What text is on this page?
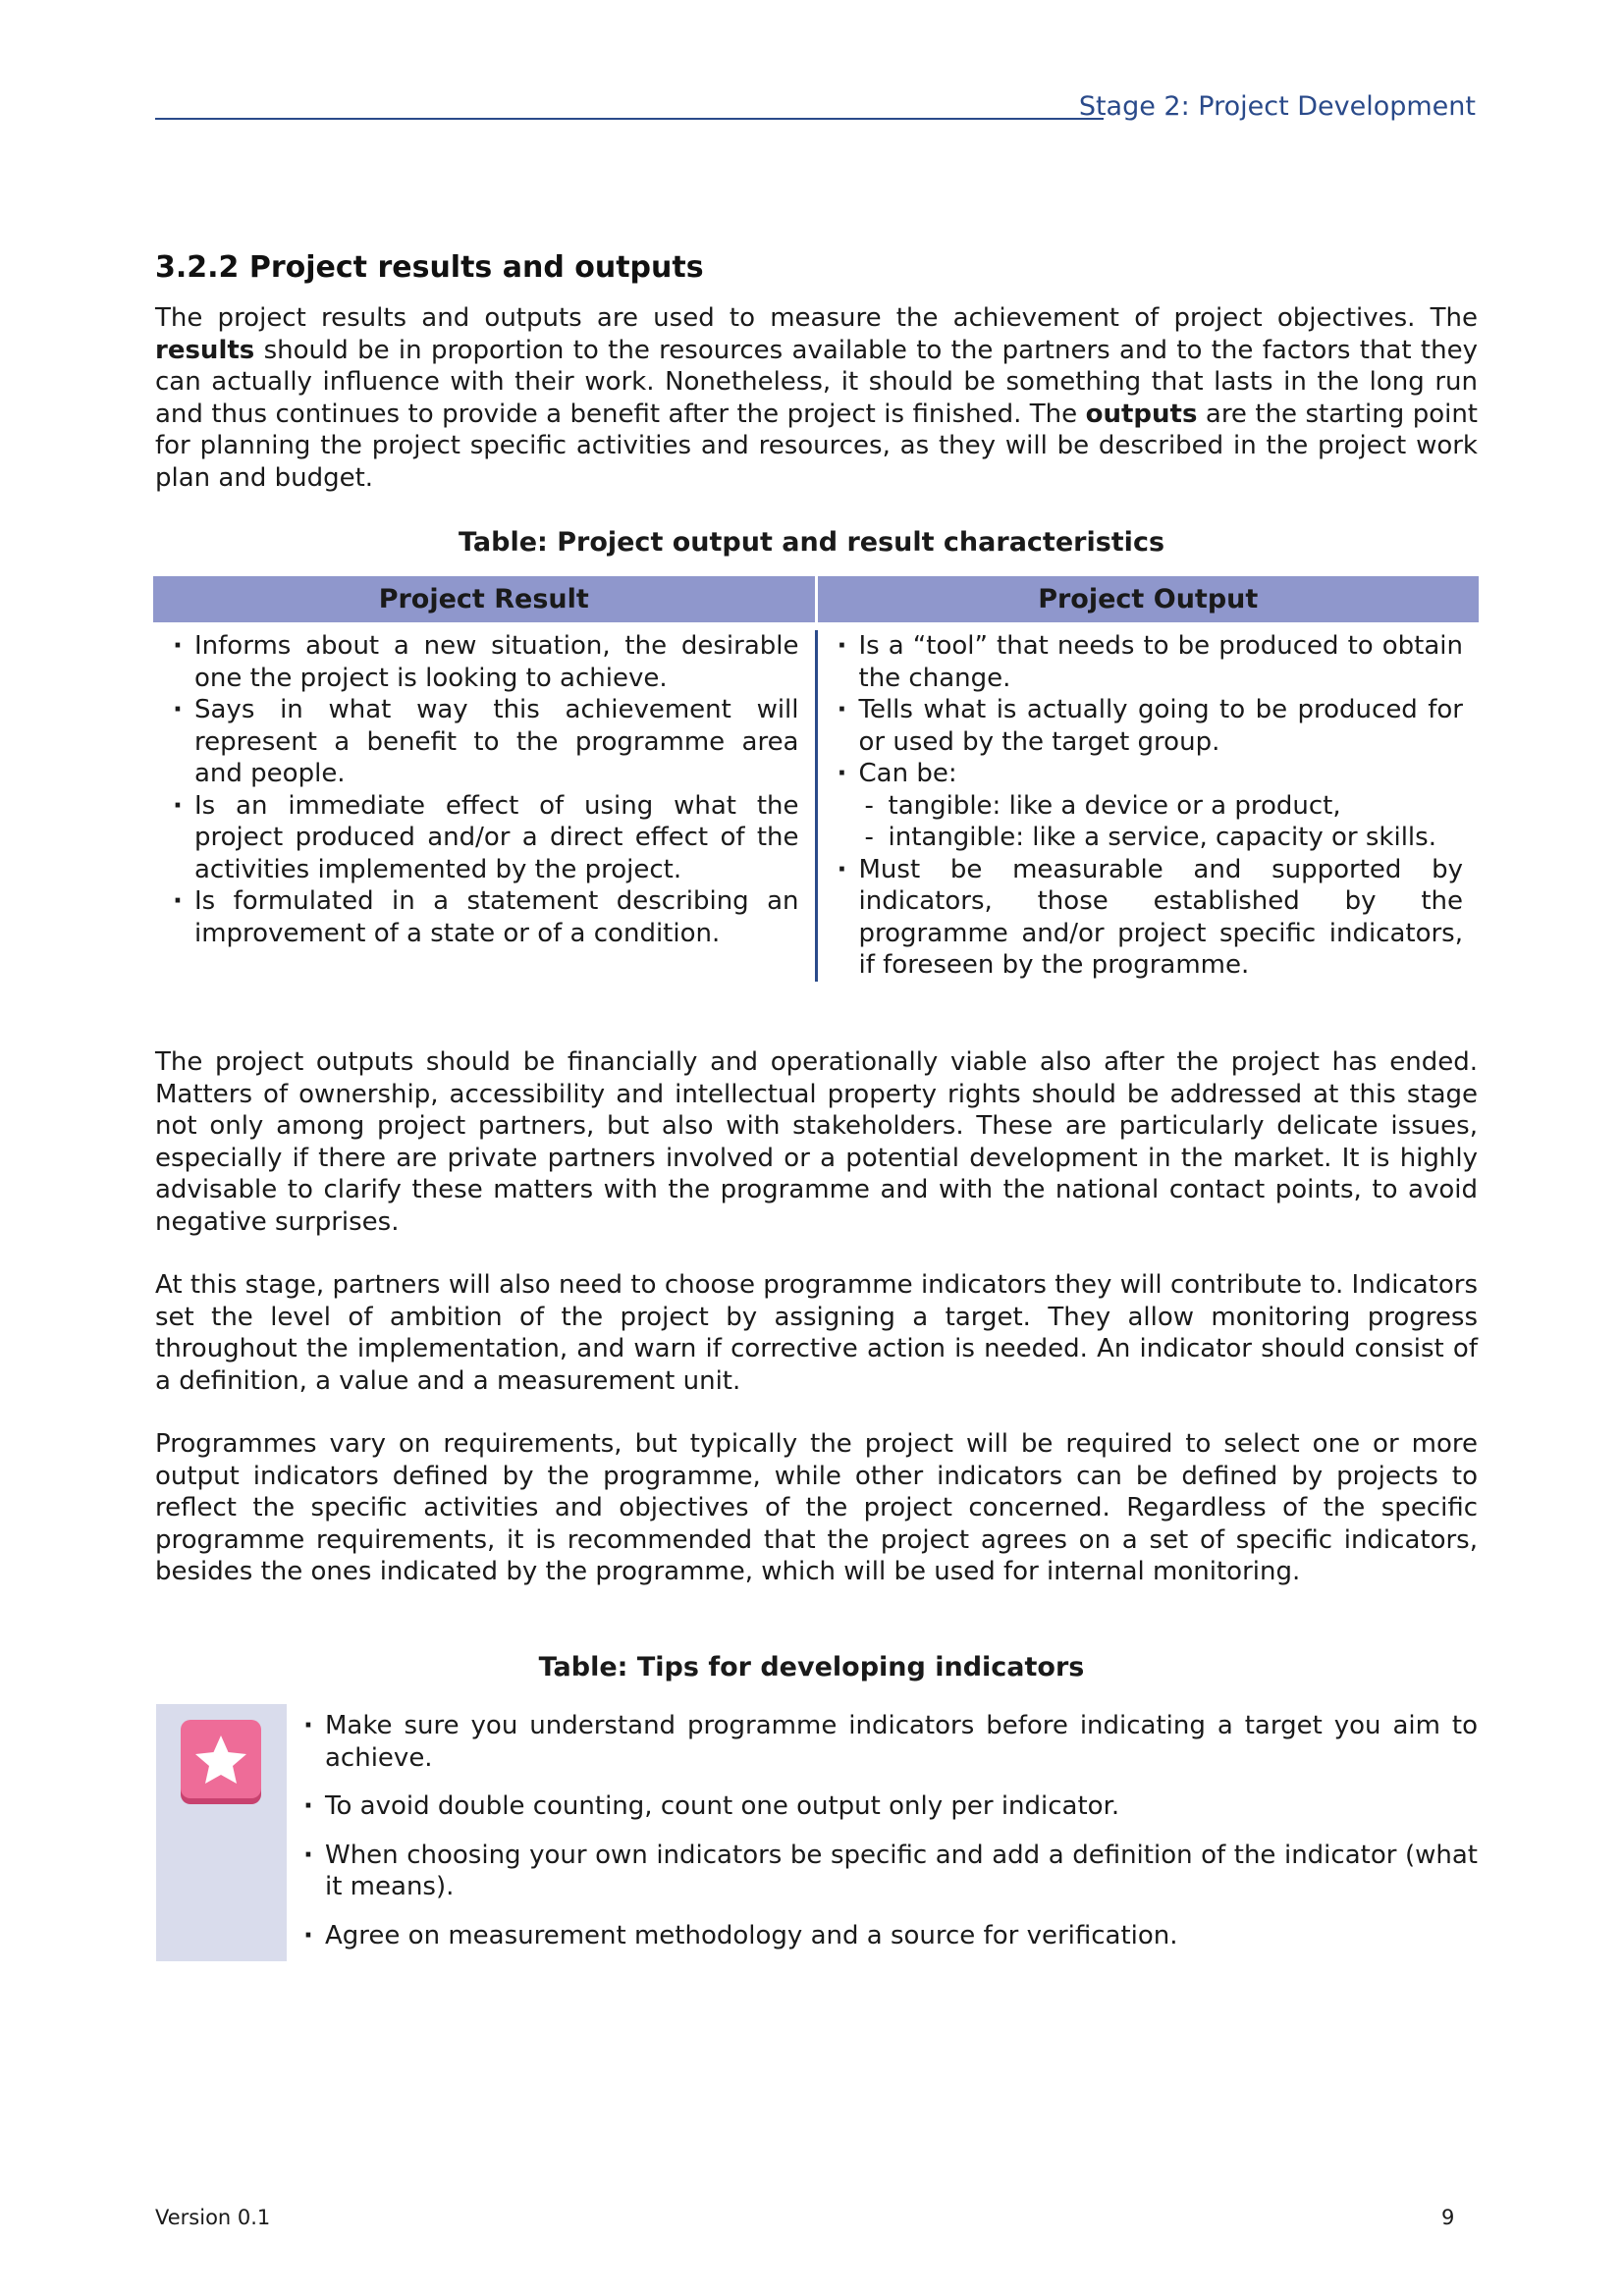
Stage 2: Project Development
3.2.2 Project results and outputs

The project results and outputs are used to measure the achievement of project objectives. The results should be in proportion to the resources available to the partners and to the factors that they can actually influence with their work. Nonetheless, it should be something that lasts in the long run and thus continues to provide a benefit after the project is finished. The outputs are the starting point for planning the project specific activities and resources, as they will be described in the project work plan and budget.

Table: Project output and result characteristics
Project Result	Project Output
· Informs about a new situation, the desirable one the project is looking to achieve.
· Says in what way this achievement will represent a benefit to the programme area and people.
· Is an immediate effect of using what the project produced and/or a direct effect of the activities implemented by the project.
· Is formulated in a statement describing an improvement of a state or of a condition.
· Is a “tool” that needs to be produced to obtain the change.
· Tells what is actually going to be produced for or used by the target group.
· Can be:
- tangible: like a device or a product,
- intangible: like a service, capacity or skills.
· Must be measurable and supported by indicators, those established by the programme and/or project specific indicators, if foreseen by the programme.

The project outputs should be financially and operationally viable also after the project has ended. Matters of ownership, accessibility and intellectual property rights should be addressed at this stage not only among project partners, but also with stakeholders. These are particularly delicate issues, especially if there are private partners involved or a potential development in the market. It is highly advisable to clarify these matters with the programme and with the national contact points, to avoid negative surprises.

At this stage, partners will also need to choose programme indicators they will contribute to. Indicators set the level of ambition of the project by assigning a target. They allow monitoring progress throughout the implementation, and warn if corrective action is needed. An indicator should consist of a definition, a value and a measurement unit.

Programmes vary on requirements, but typically the project will be required to select one or more output indicators defined by the programme, while other indicators can be defined by projects to reflect the specific activities and objectives of the project concerned. Regardless of the specific programme requirements, it is recommended that the project agrees on a set of specific indicators, besides the ones indicated by the programme, which will be used for internal monitoring.

Table: Tips for developing indicators
· Make sure you understand programme indicators before indicating a target you aim to achieve.
· To avoid double counting, count one output only per indicator.
· When choosing your own indicators be specific and add a definition of the indicator (what it means).
· Agree on measurement methodology and a source for verification.
Version 0.1	9
